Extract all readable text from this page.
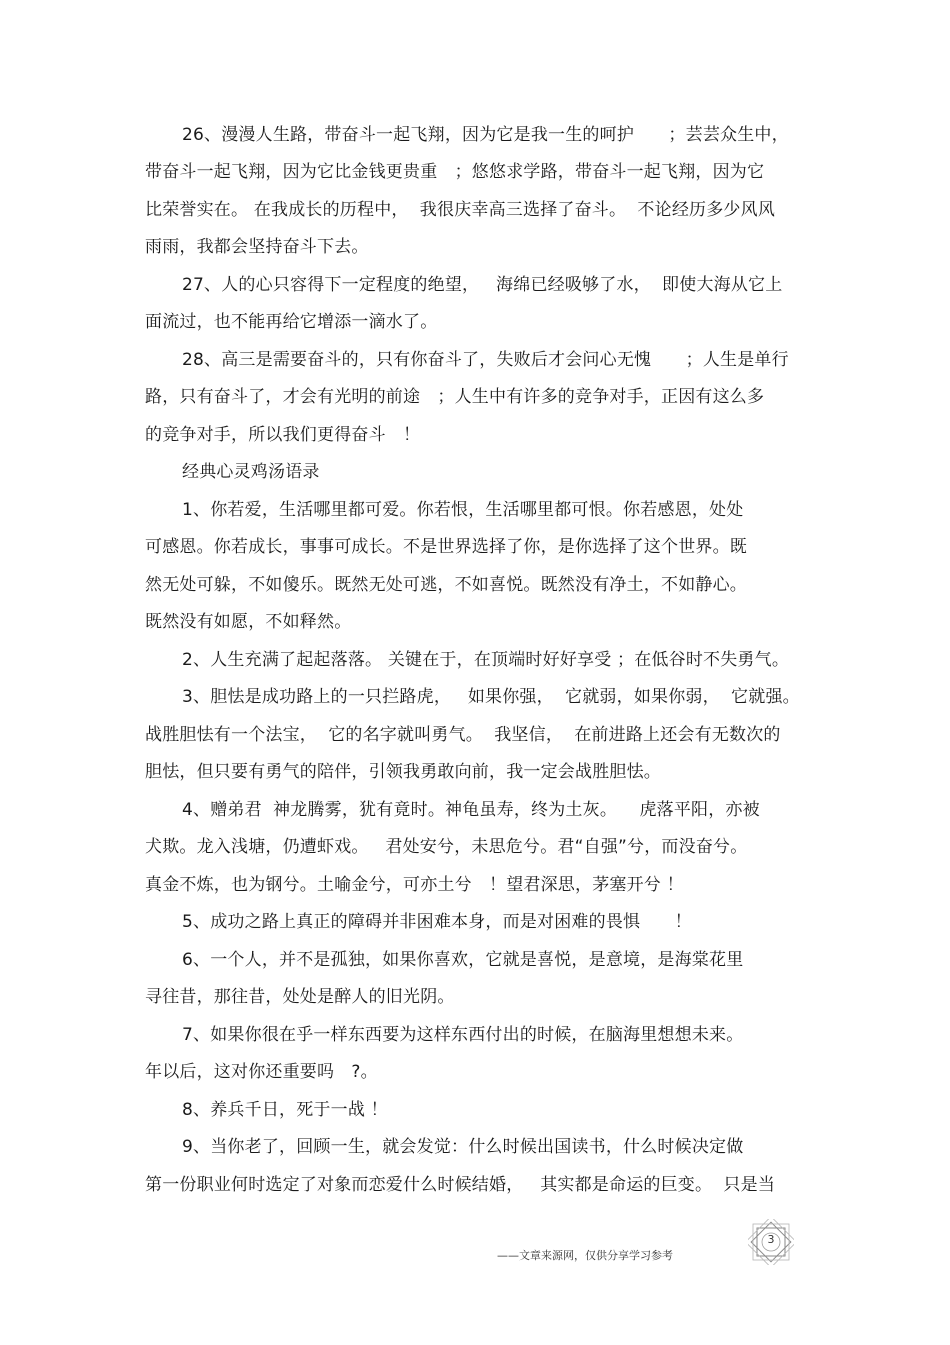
26、漫漫人生路，带奋斗一起飞翔，因为它是我一生的呵护　　；芸芸众生中，
带奋斗一起飞翔，因为它比金钱更贵重　；悠悠求学路，带奋斗一起飞翔，因为它
比荣誉实在。 在我成长的历程中，  我很庆幸高三选择了奋斗。  不论经历多少风风
雨雨，我都会坚持奋斗下去。
27、人的心只容得下一定程度的绝望，   海绵已经吸够了水，  即使大海从它上
面流过，也不能再给它增添一滴水了。
28、高三是需要奋斗的，只有你奋斗了，失败后才会问心无愧　　；人生是单行
路，只有奋斗了，才会有光明的前途　；人生中有许多的竞争对手，正因有这么多
的竞争对手，所以我们更得奋斗　！
经典心灵鸡汤语录
1、你若爱，生活哪里都可爱。你若恨，生活哪里都可恨。你若感恩，处处
可感恩。你若成长，事事可成长。不是世界选择了你，是你选择了这个世界。既
然无处可躲，不如傻乐。既然无处可逃，不如喜悦。既然没有净土，不如静心。
既然没有如愿，不如释然。
2、人生充满了起起落落。 关键在于，在顶端时好好享受 ；在低谷时不失勇气。
3、胆怯是成功路上的一只拦路虎，   如果你强，  它就弱，如果你弱，  它就强。
战胜胆怯有一个法宝，  它的名字就叫勇气。  我坚信，  在前进路上还会有无数次的
胆怯，但只要有勇气的陪伴，引领我勇敢向前，我一定会战胜胆怯。
4、赠弟君  神龙腾雾，犹有竟时。神龟虽寿，终为土灰。    虎落平阳，亦被
犬欺。龙入浅塘，仍遭虾戏。   君处安兮，未思危兮。君“自强”兮，而没奋兮。
真金不炼，也为钢兮。土喻金兮，可亦土兮　！望君深思，茅塞开兮 ！
5、成功之路上真正的障碍并非困难本身，而是对困难的畏惧　　！
6、一个人，并不是孤独，如果你喜欢，它就是喜悦，是意境，是海棠花里
寻往昔，那往昔，处处是醉人的旧光阴。
7、如果你很在乎一样东西要为这样东西付出的时候，在脑海里想想未来。
年以后，这对你还重要吗　?。
8、养兵千日，死于一战 ！
9、当你老了，回顾一生，就会发觉：什么时候出国读书，什么时候决定做
第一份职业何时选定了对象而恋爱什么时候结婚，   其实都是命运的巨变。  只是当
——文章来源网，仅供分享学习参考
3
